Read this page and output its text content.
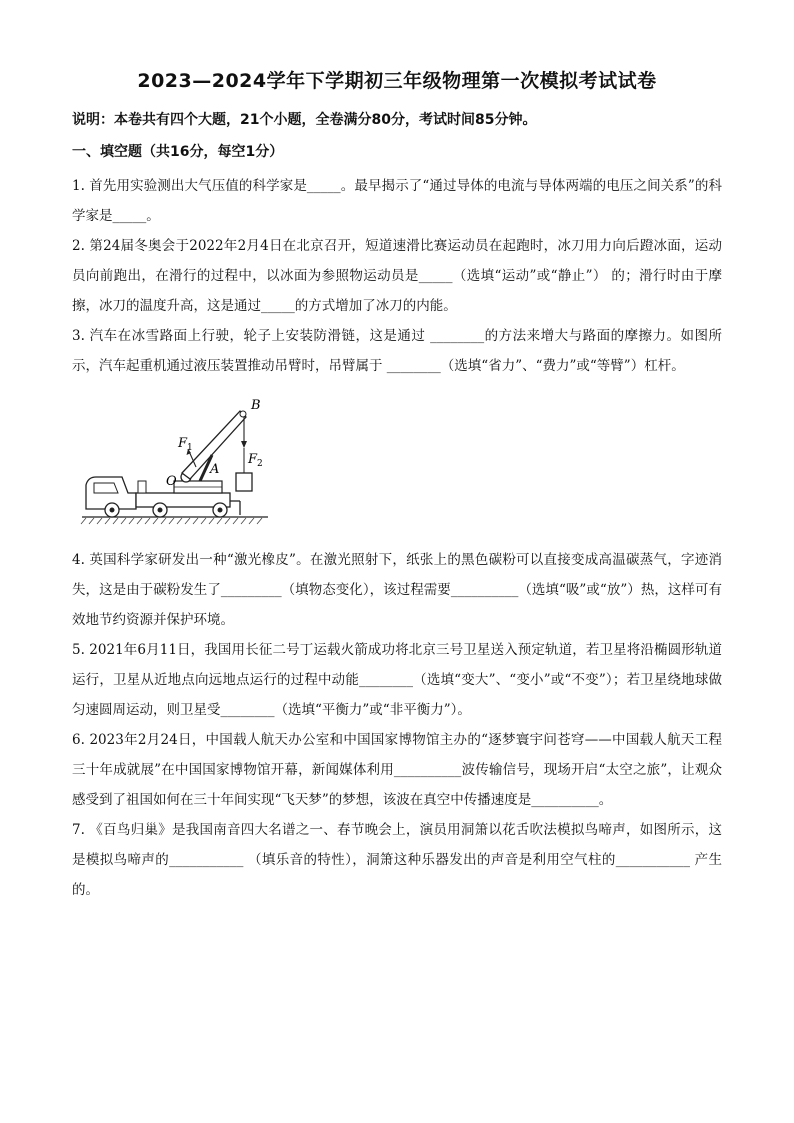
2023—2024学年下学期初三年级物理第一次模拟考试试卷

说明：本卷共有四个大题，21个小题，全卷满分80分，考试时间85分钟。

一、填空题（共16分，每空1分）

1. 首先用实验测出大气压值的科学家是_____。最早揭示了“通过导体的电流与导体两端的电压之间关系”的科学家是_____。

2. 第24届冬奥会于2022年2月4日在北京召开，短道速滑比赛运动员在起跑时，冰刀用力向后蹬冰面，运动员向前跑出，在滑行的过程中，以冰面为参照物运动员是_____（选填“运动”或“静止”） 的；滑行时由于摩擦，冰刀的温度升高，这是通过_____的方式增加了冰刀的内能。

3. 汽车在冰雪路面上行驶，轮子上安装防滑链，这是通过 ________的方法来增大与路面的摩擦力。如图所示，汽车起重机通过液压装置推动吊臂时，吊臂属于 ________（选填“省力”、“费力”或“等臂”）杠杆。

B
$F_1$
$F_2$
O
A

4. 英国科学家研发出一种“激光橡皮”。在激光照射下，纸张上的黑色碳粉可以直接变成高温碳蒸气，字迹消失，这是由于碳粉发生了_________（填物态变化），该过程需要__________（选填“吸”或“放”）热，这样可有效地节约资源并保护环境。

5. 2021年6月11日，我国用长征二号丁运载火箭成功将北京三号卫星送入预定轨道，若卫星将沿椭圆形轨道运行，卫星从近地点向远地点运行的过程中动能________（选填“变大”、“变小”或“不变”）；若卫星绕地球做匀速圆周运动，则卫星受________（选填“平衡力”或“非平衡力”）。

6. 2023年2月24日，中国载人航天办公室和中国国家博物馆主办的“逐梦寰宇问苍穹——中国载人航天工程三十年成就展”在中国国家博物馆开幕，新闻媒体利用__________波传输信号，现场开启“太空之旅”，让观众感受到了祖国如何在三十年间实现“飞天梦”的梦想，该波在真空中传播速度是__________。

7. 《百鸟归巢》是我国南音四大名谱之一、春节晚会上，演员用洞箫以花舌吹法模拟鸟啼声，如图所示，这是模拟鸟啼声的___________ （填乐音的特性），洞箫这种乐器发出的声音是利用空气柱的___________ 产生的。
